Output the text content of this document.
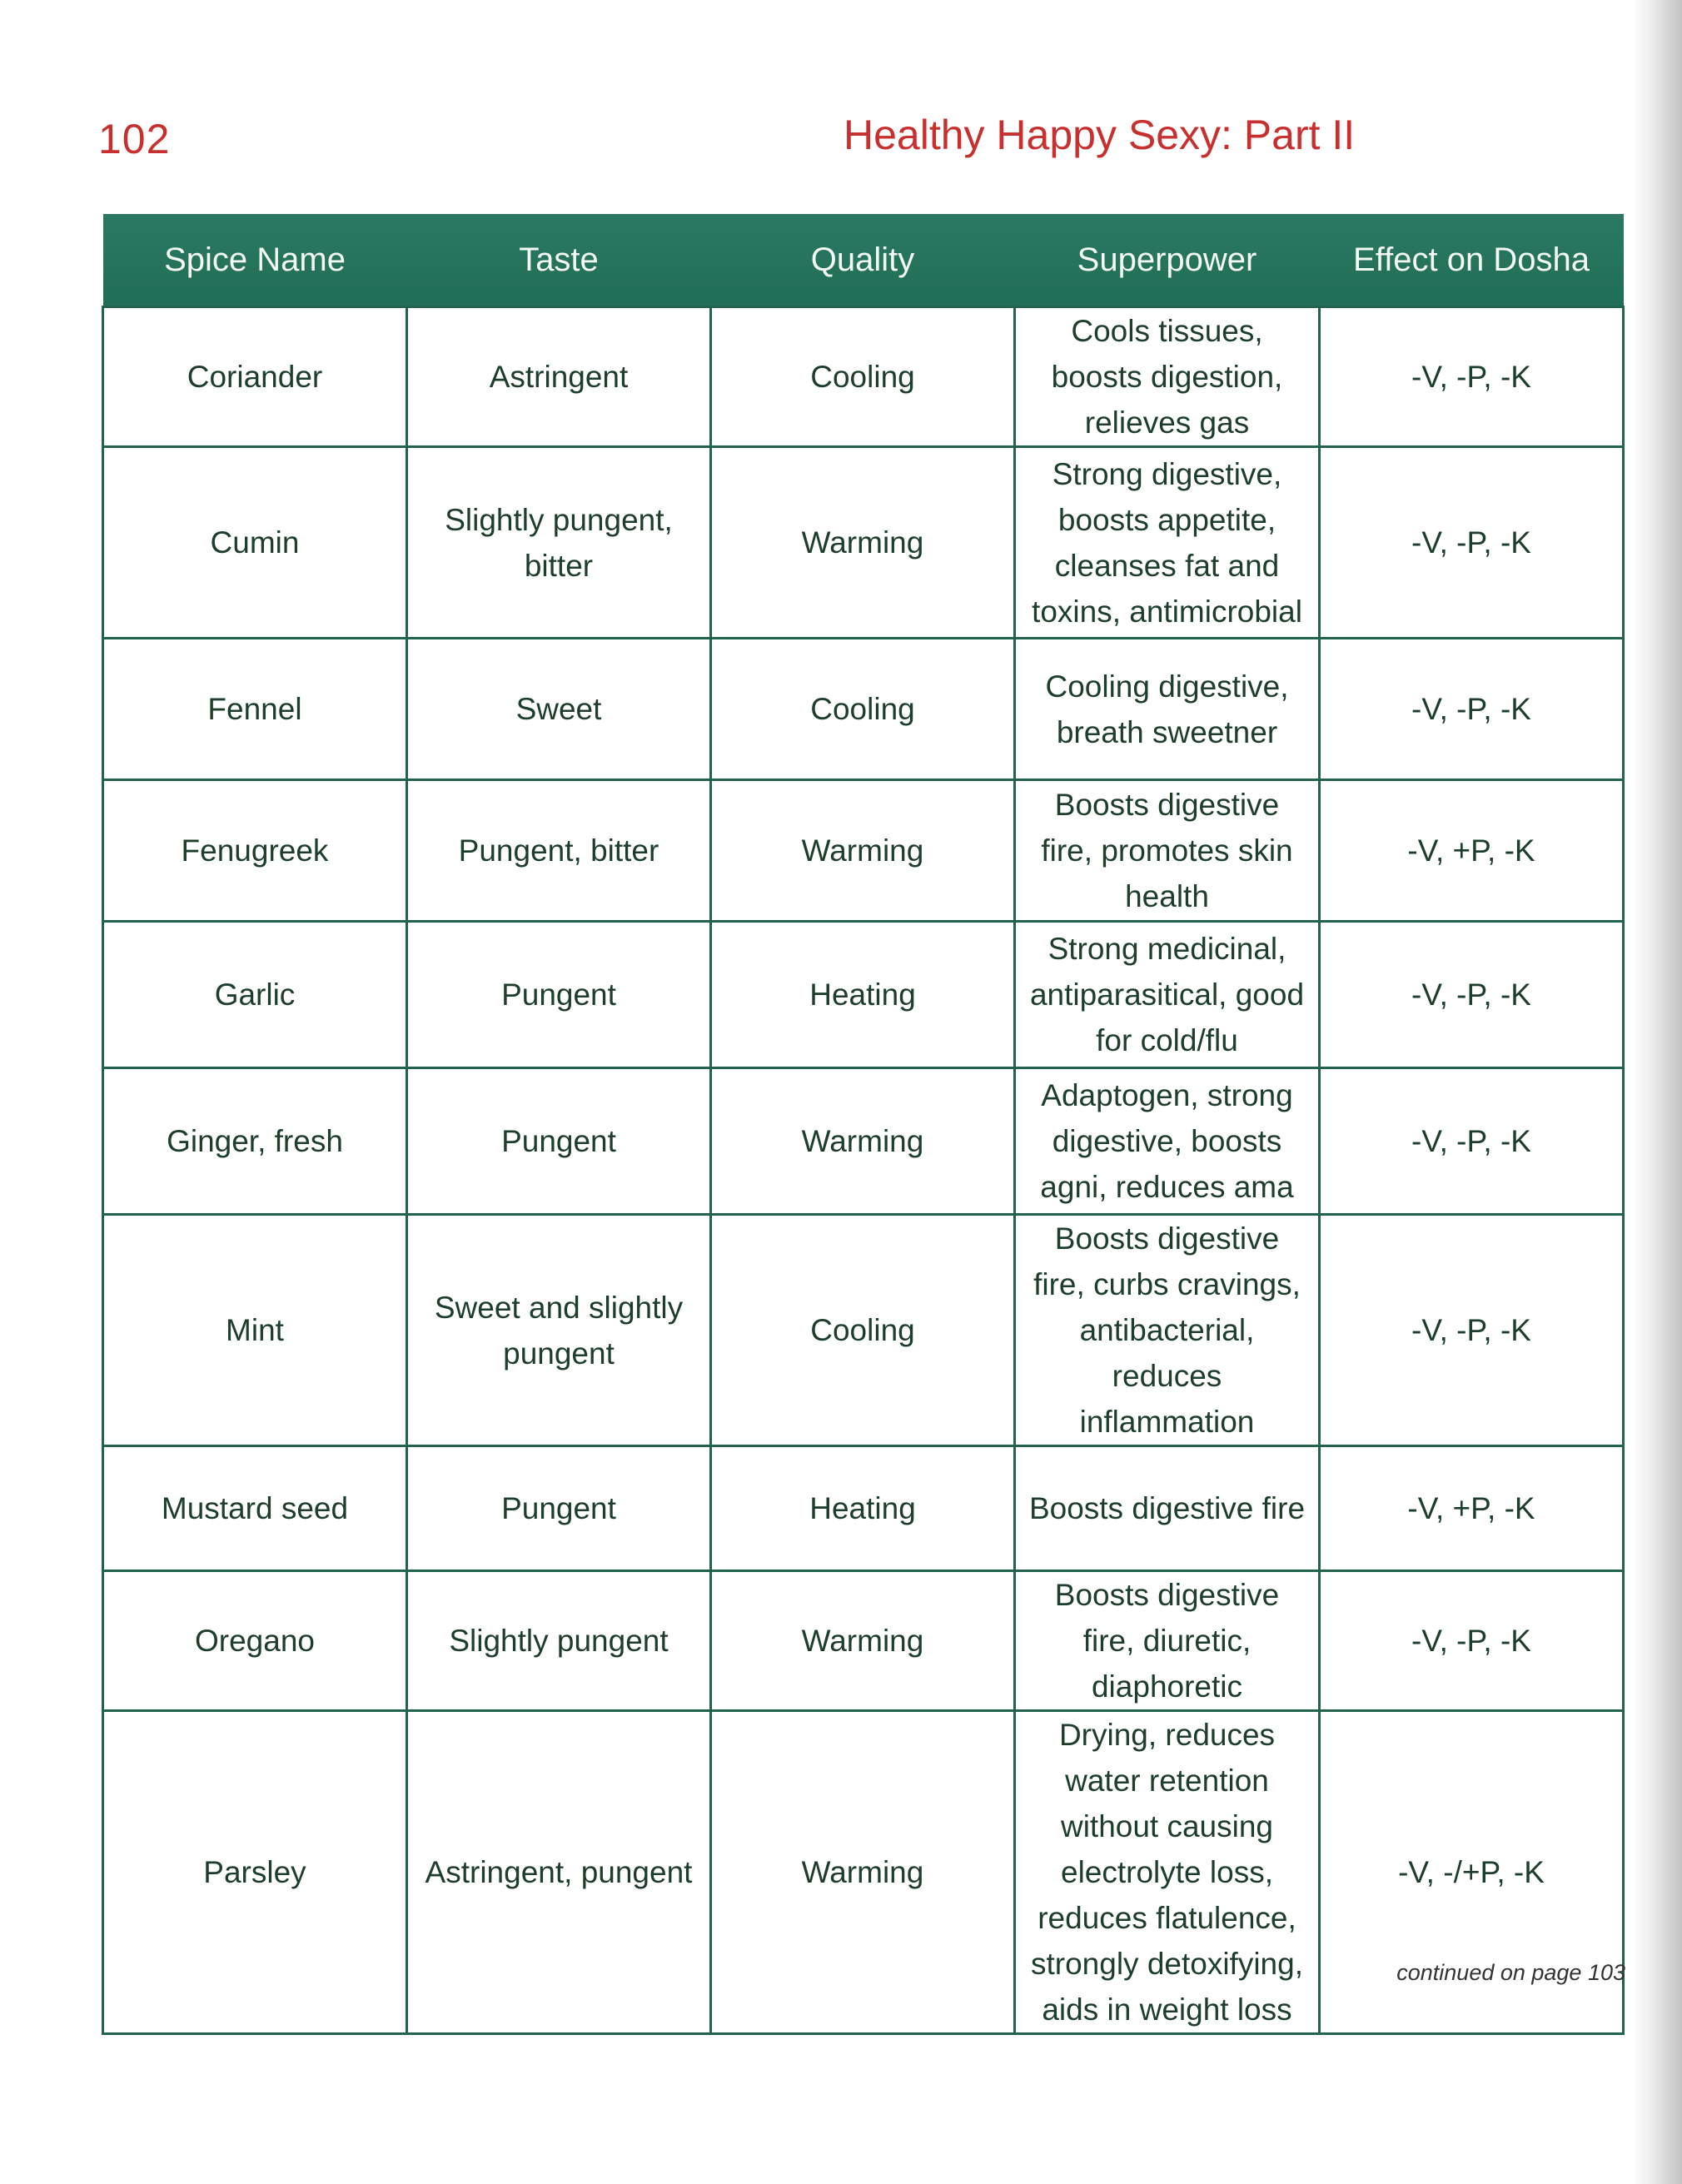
102	Healthy Happy Sexy: Part II
Spice Name	Taste	Quality	Superpower	Effect on Dosha
Coriander	Astringent	Cooling	Cools tissues, boosts digestion, relieves gas	-V, -P, -K
Cumin	Slightly pungent, bitter	Warming	Strong digestive, boosts appetite, cleanses fat and toxins, antimicrobial	-V, -P, -K
Fennel	Sweet	Cooling	Cooling digestive, breath sweetner	-V, -P, -K
Fenugreek	Pungent, bitter	Warming	Boosts digestive fire, promotes skin health	-V, +P, -K
Garlic	Pungent	Heating	Strong medicinal, antiparasitical, good for cold/flu	-V, -P, -K
Ginger, fresh	Pungent	Warming	Adaptogen, strong digestive, boosts agni, reduces ama	-V, -P, -K
Mint	Sweet and slightly pungent	Cooling	Boosts digestive fire, curbs cravings, antibacterial, reduces inflammation	-V, -P, -K
Mustard seed	Pungent	Heating	Boosts digestive fire	-V, +P, -K
Oregano	Slightly pungent	Warming	Boosts digestive fire, diuretic, diaphoretic	-V, -P, -K
Parsley	Astringent, pungent	Warming	Drying, reduces water retention without causing electrolyte loss, reduces flatulence, strongly detoxifying, aids in weight loss	-V, -/+P, -K
continued on page 103
